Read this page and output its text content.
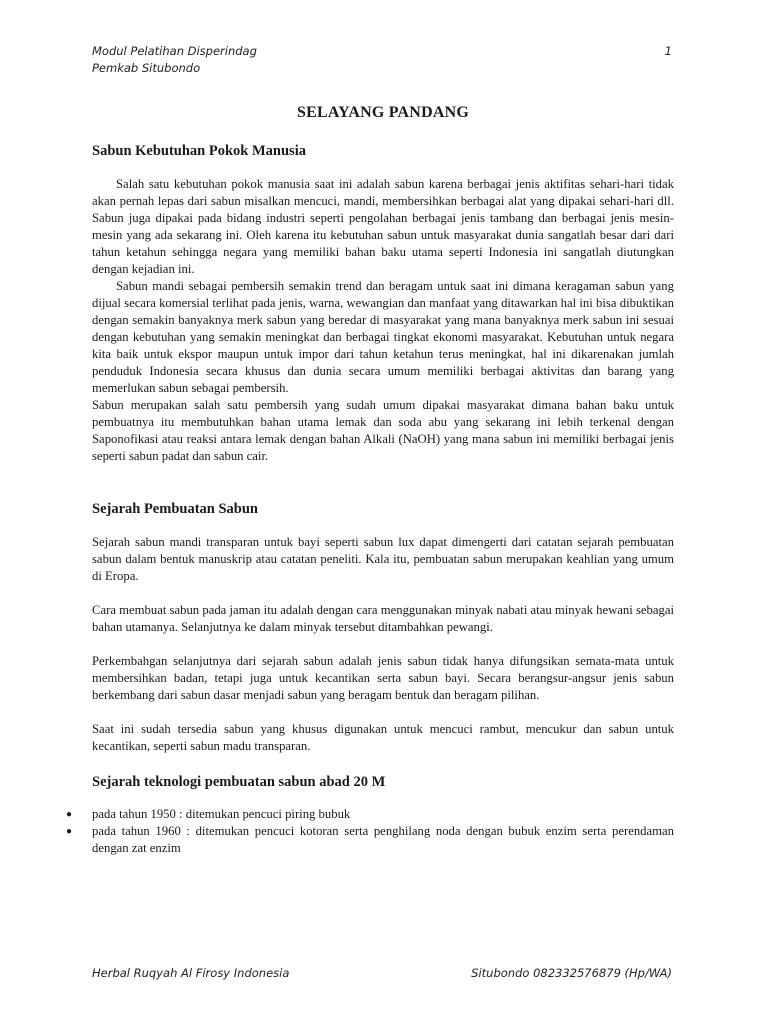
Modul Pelatihan Disperindag
Pemkab Situbondo
1
SELAYANG PANDANG
Sabun Kebutuhan Pokok Manusia

Salah satu kebutuhan pokok manusia saat ini adalah sabun karena berbagai jenis aktifitas sehari-hari tidak akan pernah lepas dari sabun misalkan mencuci, mandi, membersihkan berbagai alat yang dipakai sehari-hari dll. Sabun juga dipakai pada bidang industri seperti pengolahan berbagai jenis tambang dan berbagai jenis mesin-mesin yang ada sekarang ini. Oleh karena itu kebutuhan sabun untuk masyarakat dunia sangatlah besar dari dari tahun ketahun sehingga negara yang memiliki bahan baku utama seperti Indonesia ini sangatlah diutungkan dengan kejadian ini.

Sabun mandi sebagai pembersih semakin trend dan beragam untuk saat ini dimana keragaman sabun yang dijual secara komersial terlihat pada jenis, warna, wewangian dan manfaat yang ditawarkan hal ini bisa dibuktikan dengan semakin banyaknya merk sabun yang beredar di masyarakat yang mana banyaknya merk sabun ini sesuai dengan kebutuhan yang semakin meningkat dan berbagai tingkat ekonomi masyarakat. Kebutuhan untuk negara kita baik untuk ekspor maupun untuk impor dari tahun ketahun terus meningkat, hal ini dikarenakan jumlah penduduk Indonesia secara khusus dan dunia secara umum memiliki berbagai aktivitas dan barang yang memerlukan sabun sebagai pembersih.

Sabun merupakan salah satu pembersih yang sudah umum dipakai masyarakat dimana bahan baku untuk pembuatnya itu membutuhkan bahan utama lemak dan soda abu yang sekarang ini lebih terkenal dengan Saponofikasi atau reaksi antara lemak dengan bahan Alkali (NaOH) yang mana sabun ini memiliki berbagai jenis seperti sabun padat dan sabun cair.

Sejarah Pembuatan Sabun

Sejarah sabun mandi transparan untuk bayi seperti sabun lux dapat dimengerti dari catatan sejarah pembuatan sabun dalam bentuk manuskrip atau catatan peneliti. Kala itu, pembuatan sabun merupakan keahlian yang umum di Eropa.

Cara membuat sabun pada jaman itu adalah dengan cara menggunakan minyak nabati atau minyak hewani sebagai bahan utamanya. Selanjutnya ke dalam minyak tersebut ditambahkan pewangi.

Perkembahgan selanjutnya dari sejarah sabun adalah jenis sabun tidak hanya difungsikan semata-mata untuk membersihkan badan, tetapi juga untuk kecantikan serta sabun bayi. Secara berangsur-angsur jenis sabun berkembang dari sabun dasar menjadi sabun yang beragam bentuk dan beragam pilihan.

Saat ini sudah tersedia sabun yang khusus digunakan untuk mencuci rambut, mencukur dan sabun untuk kecantikan, seperti sabun madu transparan.

Sejarah teknologi pembuatan sabun abad 20 M
● pada tahun 1950 : ditemukan pencuci piring bubuk
● pada tahun 1960 : ditemukan pencuci kotoran serta penghilang noda dengan bubuk enzim serta perendaman dengan zat enzim
Herbal Ruqyah Al Firosy Indonesia	Situbondo 082332576879 (Hp/WA)
